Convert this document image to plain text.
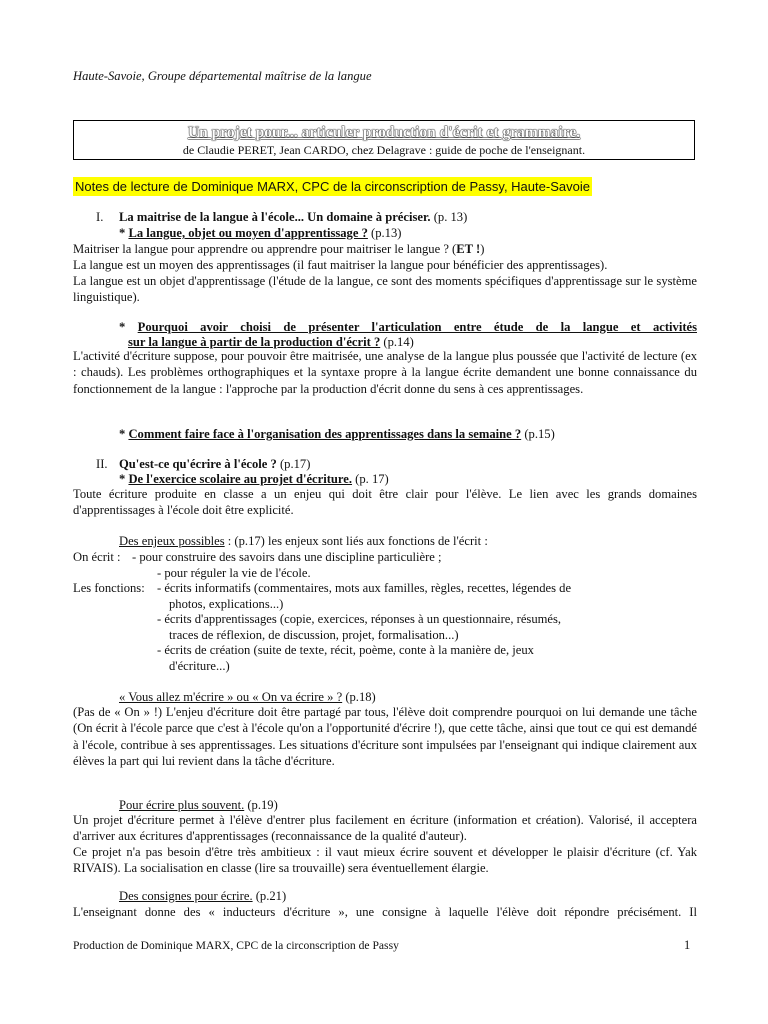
Haute-Savoie, Groupe départemental maîtrise de la langue
Un projet pour... articuler production d'écrit et grammaire.
de Claudie PERET, Jean CARDO, chez Delagrave : guide de poche de l'enseignant.
Notes de lecture de Dominique MARX, CPC de la circonscription de Passy, Haute-Savoie
I. La maitrise de la langue à l'école... Un domaine à préciser. (p. 13)
* La langue, objet ou moyen d'apprentissage ? (p.13)
Maitriser la langue pour apprendre ou apprendre pour maitriser le langue ? (ET !)
La langue est un moyen des apprentissages (il faut maitriser la langue pour bénéficier des apprentissages).
La langue est un objet d'apprentissage (l'étude de la langue, ce sont des moments spécifiques d'apprentissage sur le système linguistique).
* Pourquoi avoir choisi de présenter l'articulation entre étude de la langue et activités
sur la langue à partir de la production d'écrit ? (p.14)
L'activité d'écriture suppose, pour pouvoir être maitrisée, une analyse de la langue plus poussée que l'activité de lecture (ex : chauds). Les problèmes orthographiques et la syntaxe propre à la langue écrite demandent une bonne connaissance du fonctionnement de la langue : l'approche par la production d'écrit donne du sens à ces apprentissages.
* Comment faire face à l'organisation des apprentissages dans la semaine ? (p.15)
II. Qu'est-ce qu'écrire à l'école ? (p.17)
* De l'exercice scolaire au projet d'écriture. (p. 17)
Toute écriture produite en classe a un enjeu qui doit être clair pour l'élève. Le lien avec les grands domaines d'apprentissages à l'école doit être explicité.
Des enjeux possibles : (p.17) les enjeux sont liés aux fonctions de l'écrit :
On écrit : - pour construire des savoirs dans une discipline particulière ;
- pour réguler la vie de l'école.
Les fonctions: - écrits informatifs (commentaires, mots aux familles, règles, recettes, légendes de
photos, explications...)
- écrits d'apprentissages (copie, exercices, réponses à un questionnaire, résumés,
traces de réflexion, de discussion, projet, formalisation...)
- écrits de création (suite de texte, récit, poème, conte à la manière de, jeux
d'écriture...)
« Vous allez m'écrire » ou « On va écrire » ? (p.18)
(Pas de « On » !) L'enjeu d'écriture doit être partagé par tous, l'élève doit comprendre pourquoi on lui demande une tâche (On écrit à l'école parce que c'est à l'école qu'on a l'opportunité d'écrire !), que cette tâche, ainsi que tout ce qui est demandé à l'école, contribue à ses apprentissages. Les situations d'écriture sont impulsées par l'enseignant qui indique clairement aux élèves la part qui lui revient dans la tâche d'écriture.
Pour écrire plus souvent. (p.19)
Un projet d'écriture permet à l'élève d'entrer plus facilement en écriture (information et création). Valorisé, il acceptera d'arriver aux écritures d'apprentissages (reconnaissance de la qualité d'auteur).
Ce projet n'a pas besoin d'être très ambitieux : il vaut mieux écrire souvent et développer le plaisir d'écriture (cf. Yak RIVAIS). La socialisation en classe (lire sa trouvaille) sera éventuellement élargie.
Des consignes pour écrire. (p.21)
L'enseignant donne des « inducteurs d'écriture », une consigne à laquelle l'élève doit répondre précisément. Il
Production de Dominique MARX, CPC de la circonscription de Passy	1
